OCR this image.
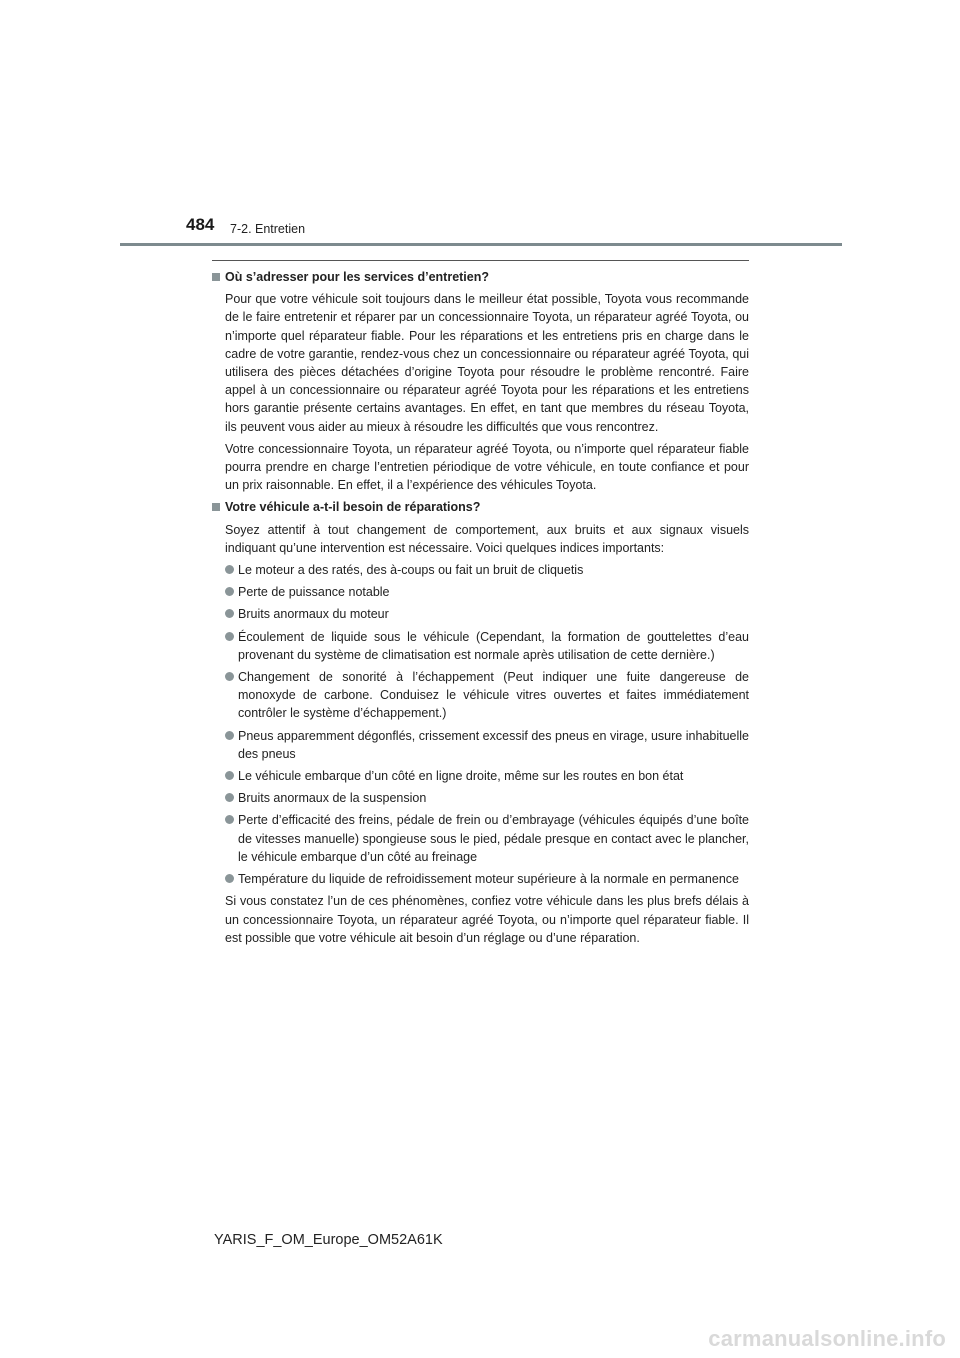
484 7-2. Entretien
Où s’adresser pour les services d’entretien?

Pour que votre véhicule soit toujours dans le meilleur état possible, Toyota vous recommande de le faire entretenir et réparer par un concessionnaire Toyota, un réparateur agréé Toyota, ou n’importe quel réparateur fiable. Pour les réparations et les entretiens pris en charge dans le cadre de votre garantie, rendez-vous chez un concessionnaire ou réparateur agréé Toyota, qui utilisera des pièces détachées d’origine Toyota pour résoudre le problème rencontré. Faire appel à un concessionnaire ou réparateur agréé Toyota pour les réparations et les entretiens hors garantie présente certains avantages. En effet, en tant que membres du réseau Toyota, ils peuvent vous aider au mieux à résoudre les difficultés que vous rencontrez.

Votre concessionnaire Toyota, un réparateur agréé Toyota, ou n’importe quel réparateur fiable pourra prendre en charge l’entretien périodique de votre véhicule, en toute confiance et pour un prix raisonnable. En effet, il a l’expérience des véhicules Toyota.

Votre véhicule a-t-il besoin de réparations?

Soyez attentif à tout changement de comportement, aux bruits et aux signaux visuels indiquant qu’une intervention est nécessaire. Voici quelques indices importants:

Le moteur a des ratés, des à-coups ou fait un bruit de cliquetis
Perte de puissance notable
Bruits anormaux du moteur
Écoulement de liquide sous le véhicule (Cependant, la formation de gouttelettes d’eau provenant du système de climatisation est normale après utilisation de cette dernière.)
Changement de sonorité à l’échappement (Peut indiquer une fuite dangereuse de monoxyde de carbone. Conduisez le véhicule vitres ouvertes et faites immédiatement contrôler le système d’échappement.)
Pneus apparemment dégonflés, crissement excessif des pneus en virage, usure inhabituelle des pneus
Le véhicule embarque d’un côté en ligne droite, même sur les routes en bon état
Bruits anormaux de la suspension
Perte d’efficacité des freins, pédale de frein ou d’embrayage (véhicules équipés d’une boîte de vitesses manuelle) spongieuse sous le pied, pédale presque en contact avec le plancher, le véhicule embarque d’un côté au freinage
Température du liquide de refroidissement moteur supérieure à la normale en permanence

Si vous constatez l’un de ces phénomènes, confiez votre véhicule dans les plus brefs délais à un concessionnaire Toyota, un réparateur agréé Toyota, ou n’importe quel réparateur fiable. Il est possible que votre véhicule ait besoin d’un réglage ou d’une réparation.

YARIS_F_OM_Europe_OM52A61K
carmanualsonline.info
